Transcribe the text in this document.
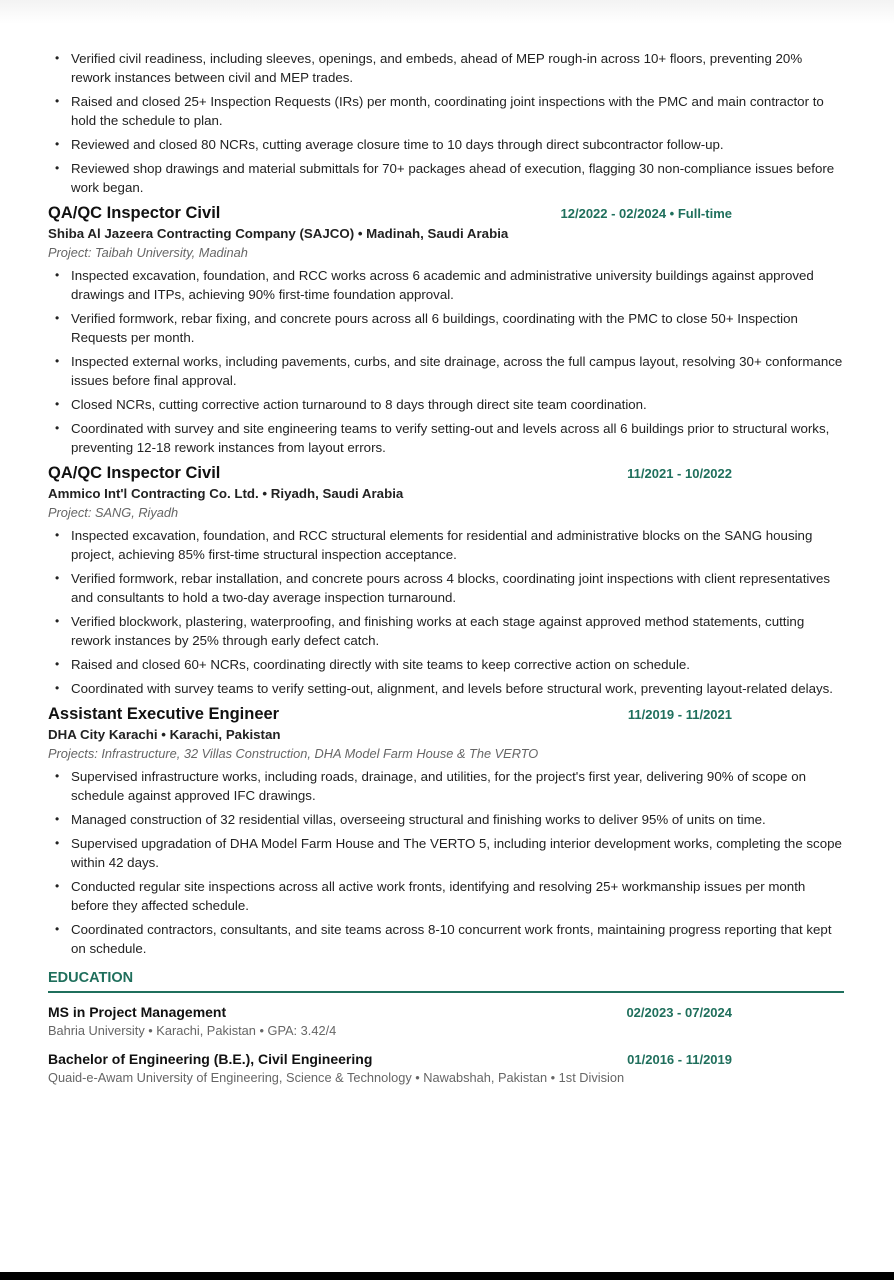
• Verified civil readiness, including sleeves, openings, and embeds, ahead of MEP rough-in across 10+ floors, preventing 20% rework instances between civil and MEP trades.
• Raised and closed 25+ Inspection Requests (IRs) per month, coordinating joint inspections with the PMC and main contractor to hold the schedule to plan.
• Reviewed and closed 80 NCRs, cutting average closure time to 10 days through direct subcontractor follow-up.
• Reviewed shop drawings and material submittals for 70+ packages ahead of execution, flagging 30 non-compliance issues before work began.
QA/QC Inspector Civil	12/2022 - 02/2024 • Full-time
Shiba Al Jazeera Contracting Company (SAJCO) • Madinah, Saudi Arabia
Project: Taibah University, Madinah
• Inspected excavation, foundation, and RCC works across 6 academic and administrative university buildings against approved drawings and ITPs, achieving 90% first-time foundation approval.
• Verified formwork, rebar fixing, and concrete pours across all 6 buildings, coordinating with the PMC to close 50+ Inspection Requests per month.
• Inspected external works, including pavements, curbs, and site drainage, across the full campus layout, resolving 30+ conformance issues before final approval.
• Closed NCRs, cutting corrective action turnaround to 8 days through direct site team coordination.
• Coordinated with survey and site engineering teams to verify setting-out and levels across all 6 buildings prior to structural works, preventing 12-18 rework instances from layout errors.
QA/QC Inspector Civil	11/2021 - 10/2022
Ammico Int'l Contracting Co. Ltd. • Riyadh, Saudi Arabia
Project: SANG, Riyadh
• Inspected excavation, foundation, and RCC structural elements for residential and administrative blocks on the SANG housing project, achieving 85% first-time structural inspection acceptance.
• Verified formwork, rebar installation, and concrete pours across 4 blocks, coordinating joint inspections with client representatives and consultants to hold a two-day average inspection turnaround.
• Verified blockwork, plastering, waterproofing, and finishing works at each stage against approved method statements, cutting rework instances by 25% through early defect catch.
• Raised and closed 60+ NCRs, coordinating directly with site teams to keep corrective action on schedule.
• Coordinated with survey teams to verify setting-out, alignment, and levels before structural work, preventing layout-related delays.
Assistant Executive Engineer	11/2019 - 11/2021
DHA City Karachi • Karachi, Pakistan
Projects: Infrastructure, 32 Villas Construction, DHA Model Farm House & The VERTO
• Supervised infrastructure works, including roads, drainage, and utilities, for the project's first year, delivering 90% of scope on schedule against approved IFC drawings.
• Managed construction of 32 residential villas, overseeing structural and finishing works to deliver 95% of units on time.
• Supervised upgradation of DHA Model Farm House and The VERTO 5, including interior development works, completing the scope within 42 days.
• Conducted regular site inspections across all active work fronts, identifying and resolving 25+ workmanship issues per month before they affected schedule.
• Coordinated contractors, consultants, and site teams across 8-10 concurrent work fronts, maintaining progress reporting that kept on schedule.
EDUCATION
MS in Project Management	02/2023 - 07/2024
Bahria University • Karachi, Pakistan • GPA: 3.42/4
Bachelor of Engineering (B.E.), Civil Engineering	01/2016 - 11/2019
Quaid-e-Awam University of Engineering, Science & Technology • Nawabshah, Pakistan • 1st Division
